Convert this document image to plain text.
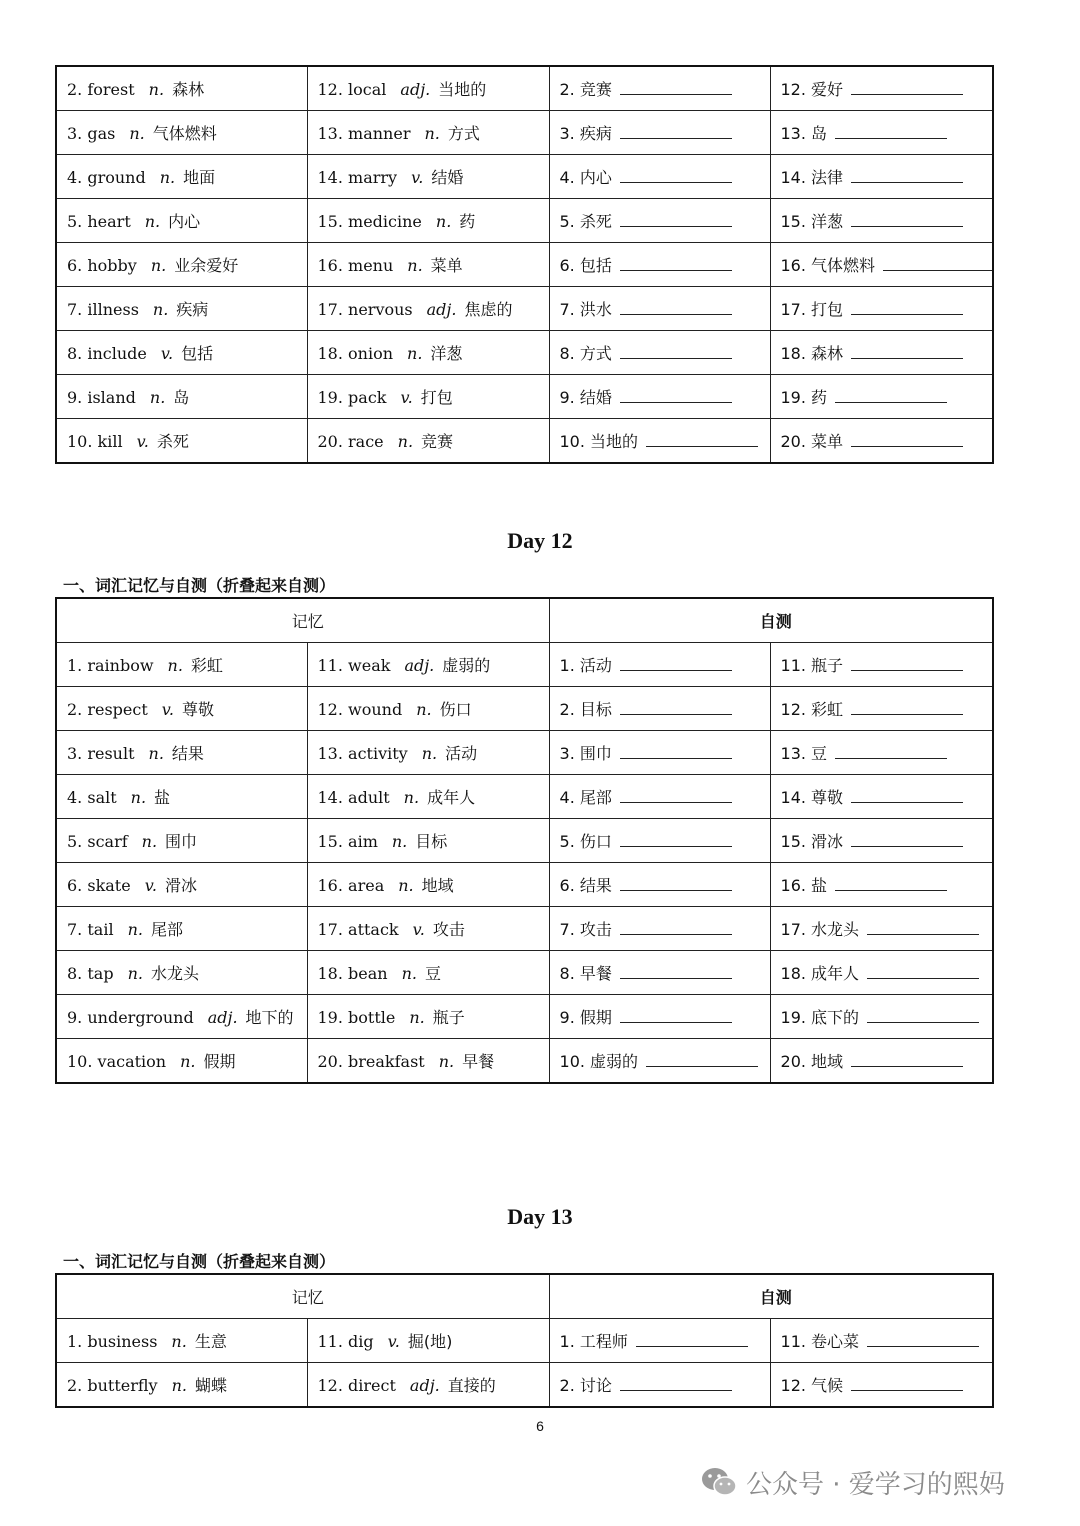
2. forest n. 森林	12. local adj. 当地的	2. 竞赛	12. 爱好
3. gas n. 气体燃料	13. manner n. 方式	3. 疾病	13. 岛
4. ground n. 地面	14. marry v. 结婚	4. 内心	14. 法律
5. heart n. 内心	15. medicine n. 药	5. 杀死	15. 洋葱
6. hobby n. 业余爱好	16. menu n. 菜单	6. 包括	16. 气体燃料
7. illness n. 疾病	17. nervous adj. 焦虑的	7. 洪水	17. 打包
8. include v. 包括	18. onion n. 洋葱	8. 方式	18. 森林
9. island n. 岛	19. pack v. 打包	9. 结婚	19. 药
10. kill v. 杀死	20. race n. 竞赛	10. 当地的	20. 菜单
Day 12
一、词汇记忆与自测（折叠起来自测）
记忆		自测	
1. rainbow n. 彩虹	11. weak adj. 虚弱的	1. 活动	11. 瓶子
2. respect v. 尊敬	12. wound n. 伤口	2. 目标	12. 彩虹
3. result n. 结果	13. activity n. 活动	3. 围巾	13. 豆
4. salt n. 盐	14. adult n. 成年人	4. 尾部	14. 尊敬
5. scarf n. 围巾	15. aim n. 目标	5. 伤口	15. 滑冰
6. skate v. 滑冰	16. area n. 地域	6. 结果	16. 盐
7. tail n. 尾部	17. attack v. 攻击	7. 攻击	17. 水龙头
8. tap n. 水龙头	18. bean n. 豆	8. 早餐	18. 成年人
9. underground adj. 地下的	19. bottle n. 瓶子	9. 假期	19. 底下的
10. vacation n. 假期	20. breakfast n. 早餐	10. 虚弱的	20. 地域
Day 13
一、词汇记忆与自测（折叠起来自测）
记忆		自测	
1. business n. 生意	11. dig v. 掘(地)	1. 工程师	11. 卷心菜
2. butterfly n. 蝴蝶	12. direct adj. 直接的	2. 讨论	12. 气候
6
公众号 · 爱学习的熙妈
